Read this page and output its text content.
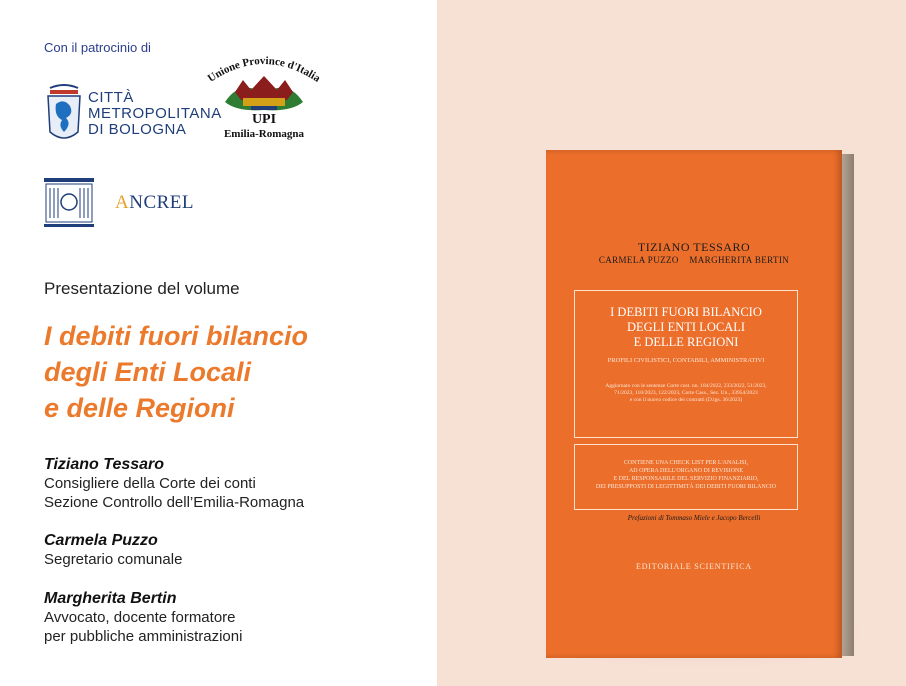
Con il patrocinio di
CITTÀ
METROPOLITANA
DI BOLOGNA
Unione Province d'Italia
UPI
Emilia-Romagna
ANCREL
Presentazione del volume
I debiti fuori bilancio
degli Enti Locali
e delle Regioni
Tiziano Tessaro
Consigliere della Corte dei conti
Sezione Controllo dell’Emilia-Romagna
Carmela Puzzo
Segretario comunale
Margherita Bertin
Avvocato, docente formatore
per pubbliche amministrazioni
TIZIANO TESSARO
CARMELA PUZZO    MARGHERITA BERTIN
I DEBITI FUORI BILANCIO
DEGLI ENTI LOCALI
E DELLE REGIONI
PROFILI CIVILISTICI, CONTABILI, AMMINISTRATIVI
Aggiornato con le sentenze Corte cost. nn. 184/2022, 233/2022, 51/2023,
71/2023, 110/2023, 122/2023, Corte Cass., Sez. Un., 33954/2023
e con il nuovo codice dei contratti (D.lgs. 36/2023)
CONTIENE UNA CHECK LIST PER L'ANALISI,
AD OPERA DELL'ORGANO DI REVISIONE
E DEL RESPONSABILE DEL SERVIZIO FINANZIARIO,
DEI PRESUPPOSTI DI LEGITTIMITÀ DEI DEBITI FUORI BILANCIO
Prefazioni di Tommaso Miele e Jacopo Bercelli
EDITORIALE SCIENTIFICA
